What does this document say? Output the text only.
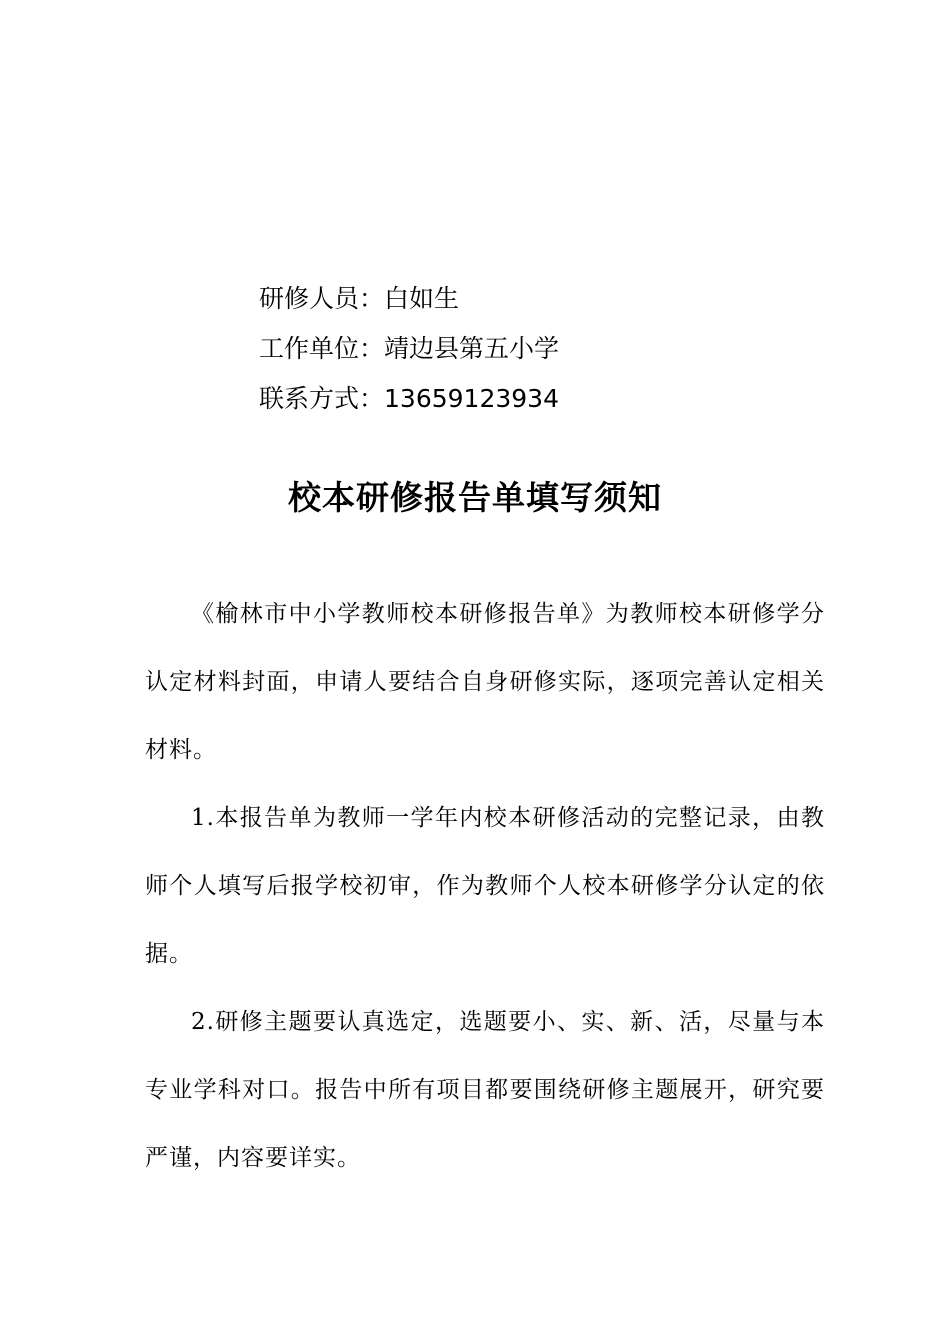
研修人员：白如生
工作单位：靖边县第五小学
联系方式：13659123934
校本研修报告单填写须知

《榆林市中小学教师校本研修报告单》为教师校本研修学分认定材料封面，申请人要结合自身研修实际，逐项完善认定相关材料。

1.本报告单为教师一学年内校本研修活动的完整记录，由教师个人填写后报学校初审，作为教师个人校本研修学分认定的依据。

2.研修主题要认真选定，选题要小、实、新、活，尽量与本专业学科对口。报告中所有项目都要围绕研修主题展开，研究要严谨，内容要详实。
